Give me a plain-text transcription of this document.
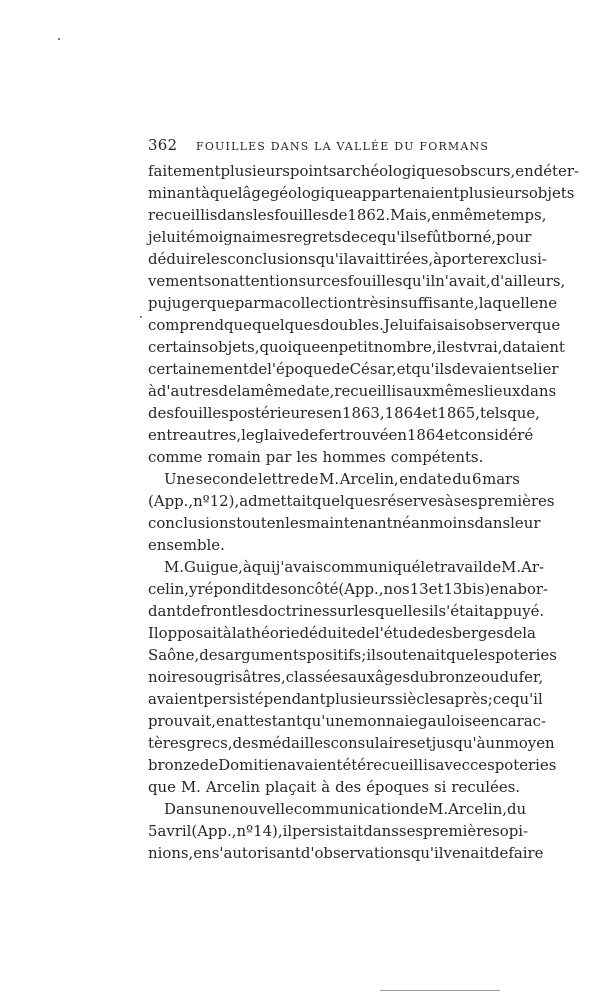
362	FOUILLES DANS LA VALLÉE DU FORMANS
faitement plusieurs points archéologiques obscurs, en déter-
minant à quel âge géologique appartenaient plusieurs objets
recueillis dans les fouilles de 1862. Mais, en même temps,
je lui témoignai mes regrets de ce qu'il se fût borné, pour
déduire les conclusions qu'il avait tirées, à porter exclusi-
vement son attention sur ces fouilles qu'il n'avait, d'ailleurs,
pu juger que par ma collection très insuffisante, laquelle ne
comprend que quelques doubles. Je lui faisais observer que
certains objets, quoique en petit nombre, il est vrai, dataient
certainement de l'époque de César, et qu'ils devaient se lier
à d'autres de la même date, recueillis aux mêmes lieux dans
des fouilles postérieures en 1863, 1864 et 1865, tels que,
entre autres, le glaive de fer trouvé en 1864 et considéré
comme romain par les hommes compétents.
Une seconde lettre de M. Arcelin, en date du 6 mars
(App., nº 12), admettait quelques réserves à ses premières
conclusions tout en les maintenant néanmoins dans leur
ensemble.
M. Guigue, à qui j'avais communiqué le travail de M. Ar-
celin, y répondit de son côté (App., nos 13 et 13 bis) en abor-
dant de front les doctrines sur lesquelles il s'était appuyé.
Il opposait à la théorie déduite de l'étude des berges de la
Saône, des arguments positifs ; il soutenait que les poteries
noires ou grisâtres, classées aux âges du bronze ou du fer,
avaient persisté pendant plusieurs siècles après ; ce qu'il
prouvait, en attestant qu'une monnaie gauloise en carac-
tères grecs, des médailles consulaires et jusqu'à un moyen
bronze de Domitien avaient été recueillis avec ces poteries
que M. Arcelin plaçait à des époques si reculées.
Dans une nouvelle communication de M. Arcelin, du
5 avril (App., nº 14), il persistait dans ses premières opi-
nions, en s'autorisant d'observations qu'il venait de faire
